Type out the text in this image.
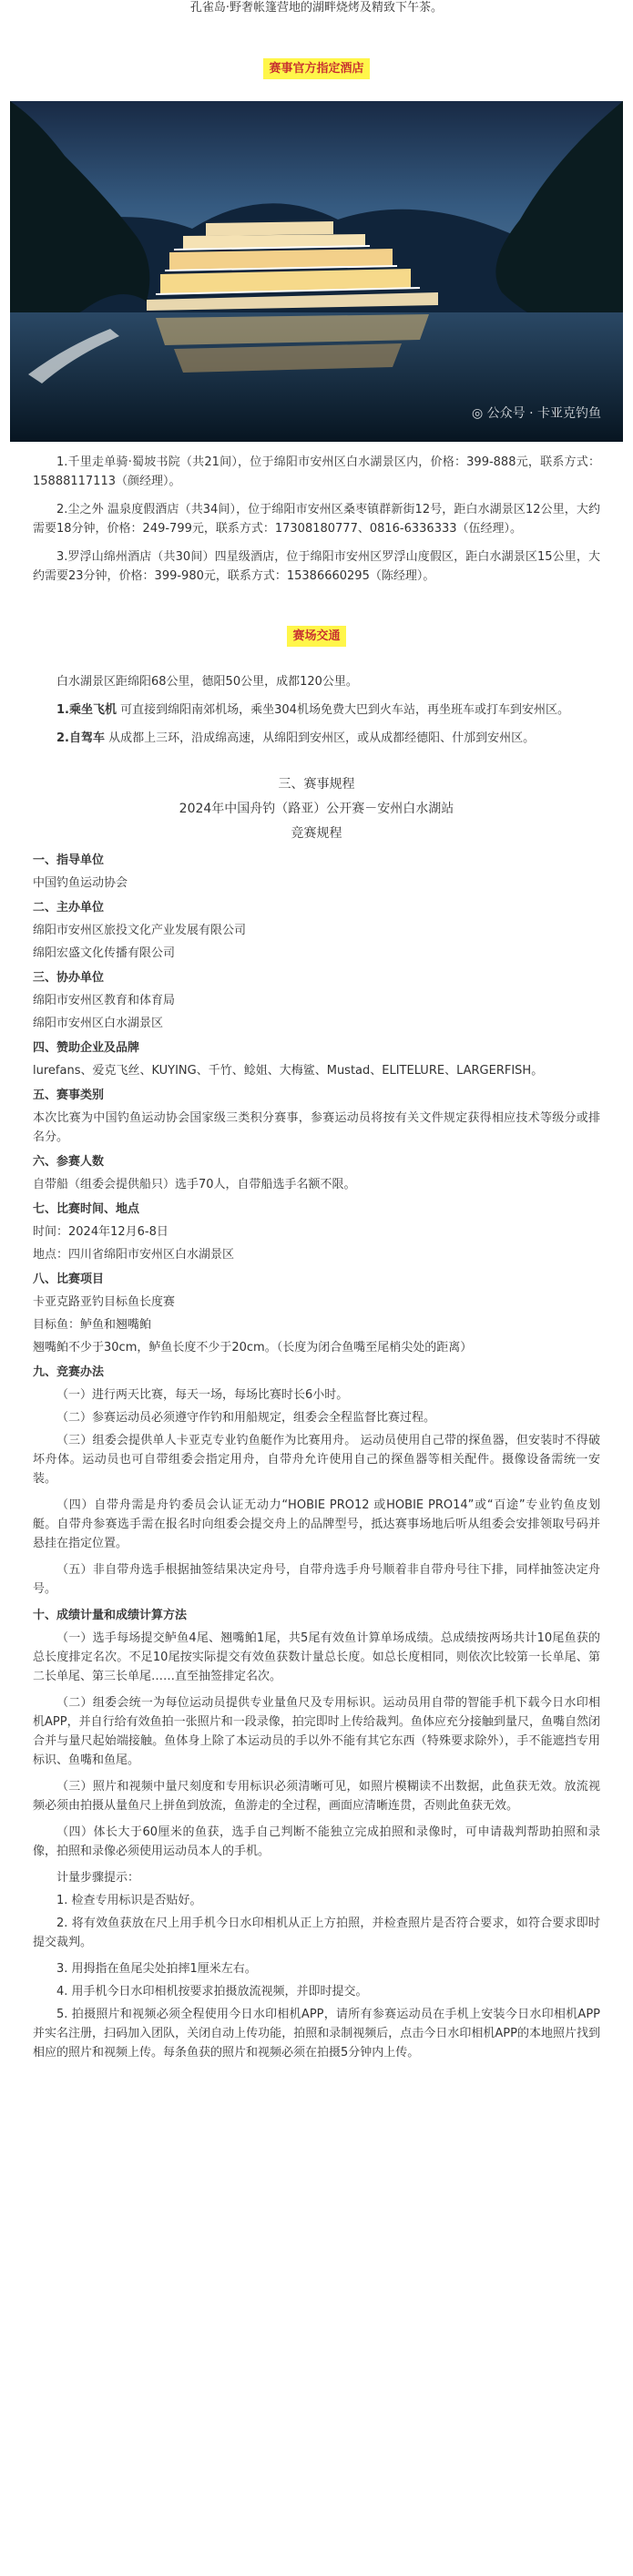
孔雀岛·野奢帐篷营地的湖畔烧烤及精致下午茶。
赛事官方指定酒店
◎ 公众号 · 卡亚克钓鱼

1.千里走单骑·蜀坡书院（共21间），位于绵阳市安州区白水湖景区内，价格：399-888元，联系方式：15888117113（颜经理）。

2.尘之外 温泉度假酒店（共34间），位于绵阳市安州区桑枣镇群新街12号，距白水湖景区12公里，大约需要18分钟，价格：249-799元，联系方式：17308180777、0816-6336333（伍经理）。

3.罗浮山绵州酒店（共30间）四星级酒店，位于绵阳市安州区罗浮山度假区，距白水湖景区15公里，大约需要23分钟，价格：399-980元，联系方式：15386660295（陈经理）。

赛场交通

白水湖景区距绵阳68公里，德阳50公里，成都120公里。

1.乘坐飞机 可直接到绵阳南郊机场，乘坐304机场免费大巴到火车站，再坐班车或打车到安州区。

2.自驾车 从成都上三环，沿成绵高速，从绵阳到安州区，或从成都经德阳、什邡到安州区。

三、赛事规程
2024年中国舟钓（路亚）公开赛－安州白水湖站
竞赛规程

一、指导单位

中国钓鱼运动协会

二、主办单位

绵阳市安州区旅投文化产业发展有限公司

绵阳宏盛文化传播有限公司

三、协办单位

绵阳市安州区教育和体育局

绵阳市安州区白水湖景区

四、赞助企业及品牌

lurefans、爱克飞丝、KUYING、千竹、鲶姐、大梅鲨、Mustad、ELITELURE、LARGERFISH。

五、赛事类别

本次比赛为中国钓鱼运动协会国家级三类积分赛事，参赛运动员将按有关文件规定获得相应技术等级分或排名分。

六、参赛人数

自带船（组委会提供船只）选手70人，自带船选手名额不限。

七、比赛时间、地点

时间：2024年12月6-8日

地点：四川省绵阳市安州区白水湖景区

八、比赛项目

卡亚克路亚钓目标鱼长度赛

目标鱼：鲈鱼和翘嘴鲌

翘嘴鲌不少于30cm，鲈鱼长度不少于20cm。（长度为闭合鱼嘴至尾梢尖处的距离）

九、竞赛办法

（一）进行两天比赛，每天一场，每场比赛时长6小时。

（二）参赛运动员必须遵守作钓和用船规定，组委会全程监督比赛过程。

（三）组委会提供单人卡亚克专业钓鱼艇作为比赛用舟。 运动员使用自己带的探鱼器，但安装时不得破坏舟体。运动员也可自带组委会指定用舟，自带舟允许使用自己的探鱼器等相关配件。摄像设备需统一安装。

（四）自带舟需是舟钓委员会认证无动力“HOBIE PRO12 或HOBIE PRO14”或“百途”专业钓鱼皮划艇。自带舟参赛选手需在报名时向组委会提交舟上的品牌型号，抵达赛事场地后听从组委会安排领取号码并悬挂在指定位置。

（五）非自带舟选手根据抽签结果决定舟号，自带舟选手舟号顺着非自带舟号往下排，同样抽签决定舟号。

十、成绩计量和成绩计算方法

（一）选手每场提交鲈鱼4尾、翘嘴鲌1尾，共5尾有效鱼计算单场成绩。总成绩按两场共计10尾鱼获的总长度排定名次。不足10尾按实际提交有效鱼获数计量总长度。如总长度相同，则依次比较第一长单尾、第二长单尾、第三长单尾……直至抽签排定名次。

（二）组委会统一为每位运动员提供专业量鱼尺及专用标识。运动员用自带的智能手机下载今日水印相机APP，并自行给有效鱼拍一张照片和一段录像，拍完即时上传给裁判。鱼体应充分接触到量尺，鱼嘴自然闭合并与量尺起始端接触。鱼体身上除了本运动员的手以外不能有其它东西（特殊要求除外），手不能遮挡专用标识、鱼嘴和鱼尾。

（三）照片和视频中量尺刻度和专用标识必须清晰可见，如照片模糊读不出数据，此鱼获无效。放流视频必须由拍摄从量鱼尺上拼鱼到放流，鱼游走的全过程，画面应清晰连贯，否则此鱼获无效。

（四）体长大于60厘米的鱼获，选手自己判断不能独立完成拍照和录像时，可申请裁判帮助拍照和录像，拍照和录像必须使用运动员本人的手机。

计量步骤提示：

1. 检查专用标识是否贴好。

2. 将有效鱼获放在尺上用手机今日水印相机从正上方拍照，并检查照片是否符合要求，如符合要求即时提交裁判。

3. 用拇指在鱼尾尖处拍摔1厘米左右。

4. 用手机今日水印相机按要求拍摄放流视频，并即时提交。

5. 拍摄照片和视频必须全程使用今日水印相机APP，请所有参赛运动员在手机上安装今日水印相机APP并实名注册，扫码加入团队，关闭自动上传功能，拍照和录制视频后，点击今日水印相机APP的本地照片找到相应的照片和视频上传。每条鱼获的照片和视频必须在拍摄5分钟内上传。
